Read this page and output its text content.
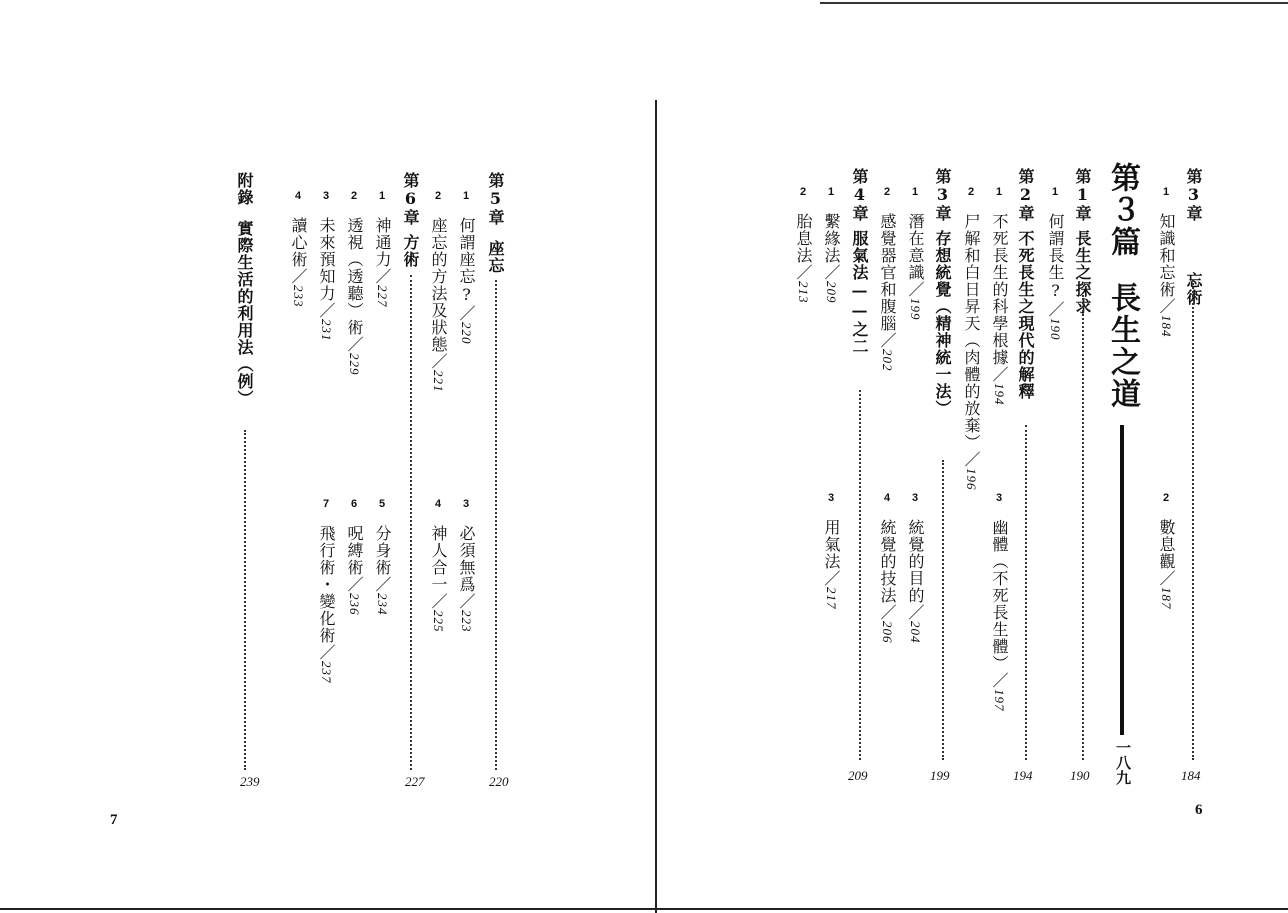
6
第3章  忘術
184
1知識和忘術／184
2數息觀／187
第３篇長生之道
一八九
第1章長生之探求
190
1何謂長生?／190
第2章不死長生之現代的解釋
194
1不死長生的科學根據／194
3幽體（不死長生體）／197
2尸解和白日昇天（肉體的放棄）／196
第3章存想統覺（精神統一法）
199
1潛在意識／199
3統覺的目的／204
2感覺器官和腹腦／202
4統覺的技法／206
第4章服氣法——之二
209
1繫緣法／209
3用氣法／217
2胎息法／213
7
第5章座忘
220
1何謂座忘?／220
3必須無爲／223
2座忘的方法及狀態／221
4神人合一／225
第6章方術
227
1神通力／227
5分身術／234
2透視（透聽）術／229
6呪縛術／236
3未來預知力／231
7飛行術・變化術／237
4讀心術／233
附錄實際生活的利用法（例）
239
